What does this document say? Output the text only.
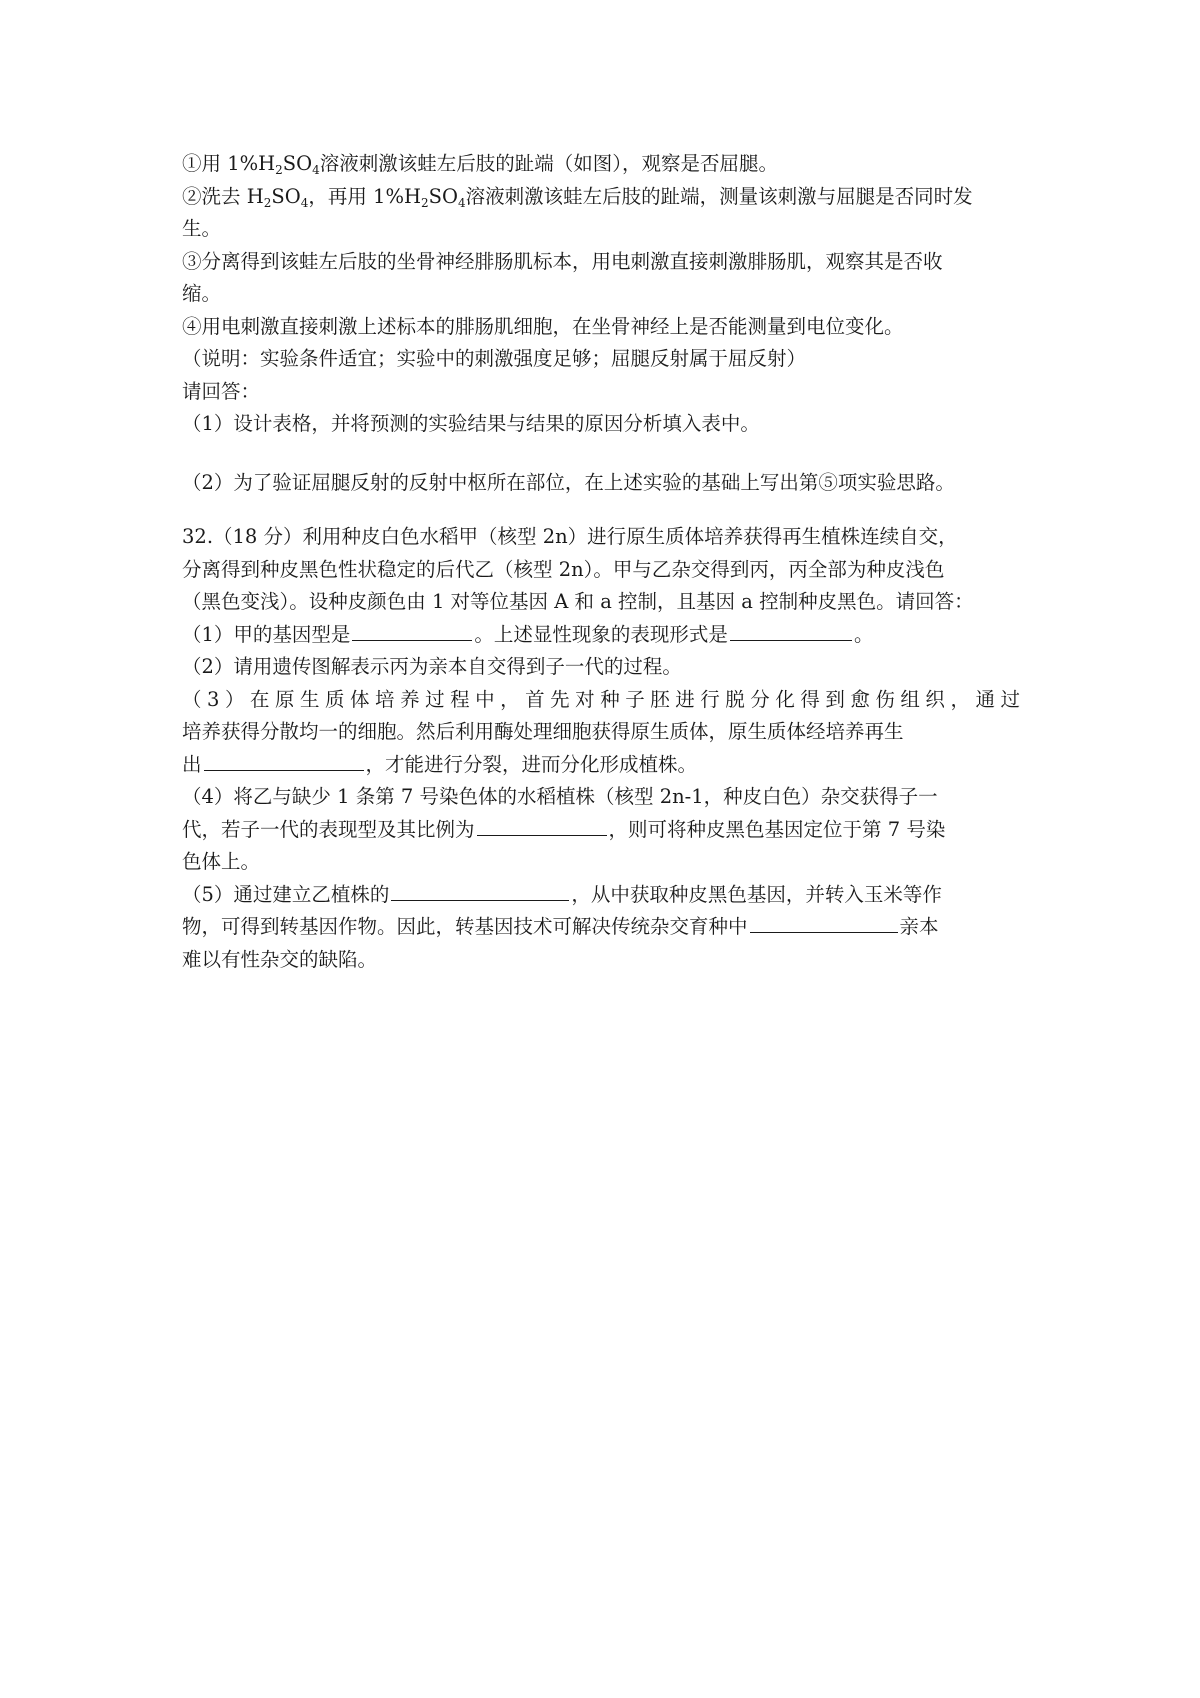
①用 $1\%H_2SO_4$溶液刺激该蛙左后肢的趾端（如图），观察是否屈腿。
②洗去 $H_2SO_4$，再用 $1\%H_2SO_4$溶液刺激该蛙左后肢的趾端，测量该刺激与屈腿是否同时发
生。
③分离得到该蛙左后肢的坐骨神经腓肠肌标本，用电刺激直接刺激腓肠肌，观察其是否收
缩。
④用电刺激直接刺激上述标本的腓肠肌细胞，在坐骨神经上是否能测量到电位变化。
（说明：实验条件适宜；实验中的刺激强度足够；屈腿反射属于屈反射）
请回答：
（1）设计表格，并将预测的实验结果与结果的原因分析填入表中。
（2）为了验证屈腿反射的反射中枢所在部位，在上述实验的基础上写出第⑤项实验思路。
32.（18 分）利用种皮白色水稻甲（核型 2n）进行原生质体培养获得再生植株连续自交，
分离得到种皮黑色性状稳定的后代乙（核型 2n）。甲与乙杂交得到丙，丙全部为种皮浅色
（黑色变浅）。设种皮颜色由 1 对等位基因 A 和 a 控制，且基因 a 控制种皮黑色。请回答：
（1）甲的基因型是	。上述显性现象的表现形式是	。
（2）请用遗传图解表示丙为亲本自交得到子一代的过程。
（3）在原生质体培养过程中，首先对种子胚进行脱分化得到愈伤组织，通过
培养获得分散均一的细胞。然后利用酶处理细胞获得原生质体，原生质体经培养再生
出	，才能进行分裂，进而分化形成植株。
（4）将乙与缺少 1 条第 7 号染色体的水稻植株（核型 2n-1，种皮白色）杂交获得子一
代，若子一代的表现型及其比例为	，则可将种皮黑色基因定位于第 7 号染
色体上。
（5）通过建立乙植株的	，从中获取种皮黑色基因，并转入玉米等作
物，可得到转基因作物。因此，转基因技术可解决传统杂交育种中	亲本
难以有性杂交的缺陷。
